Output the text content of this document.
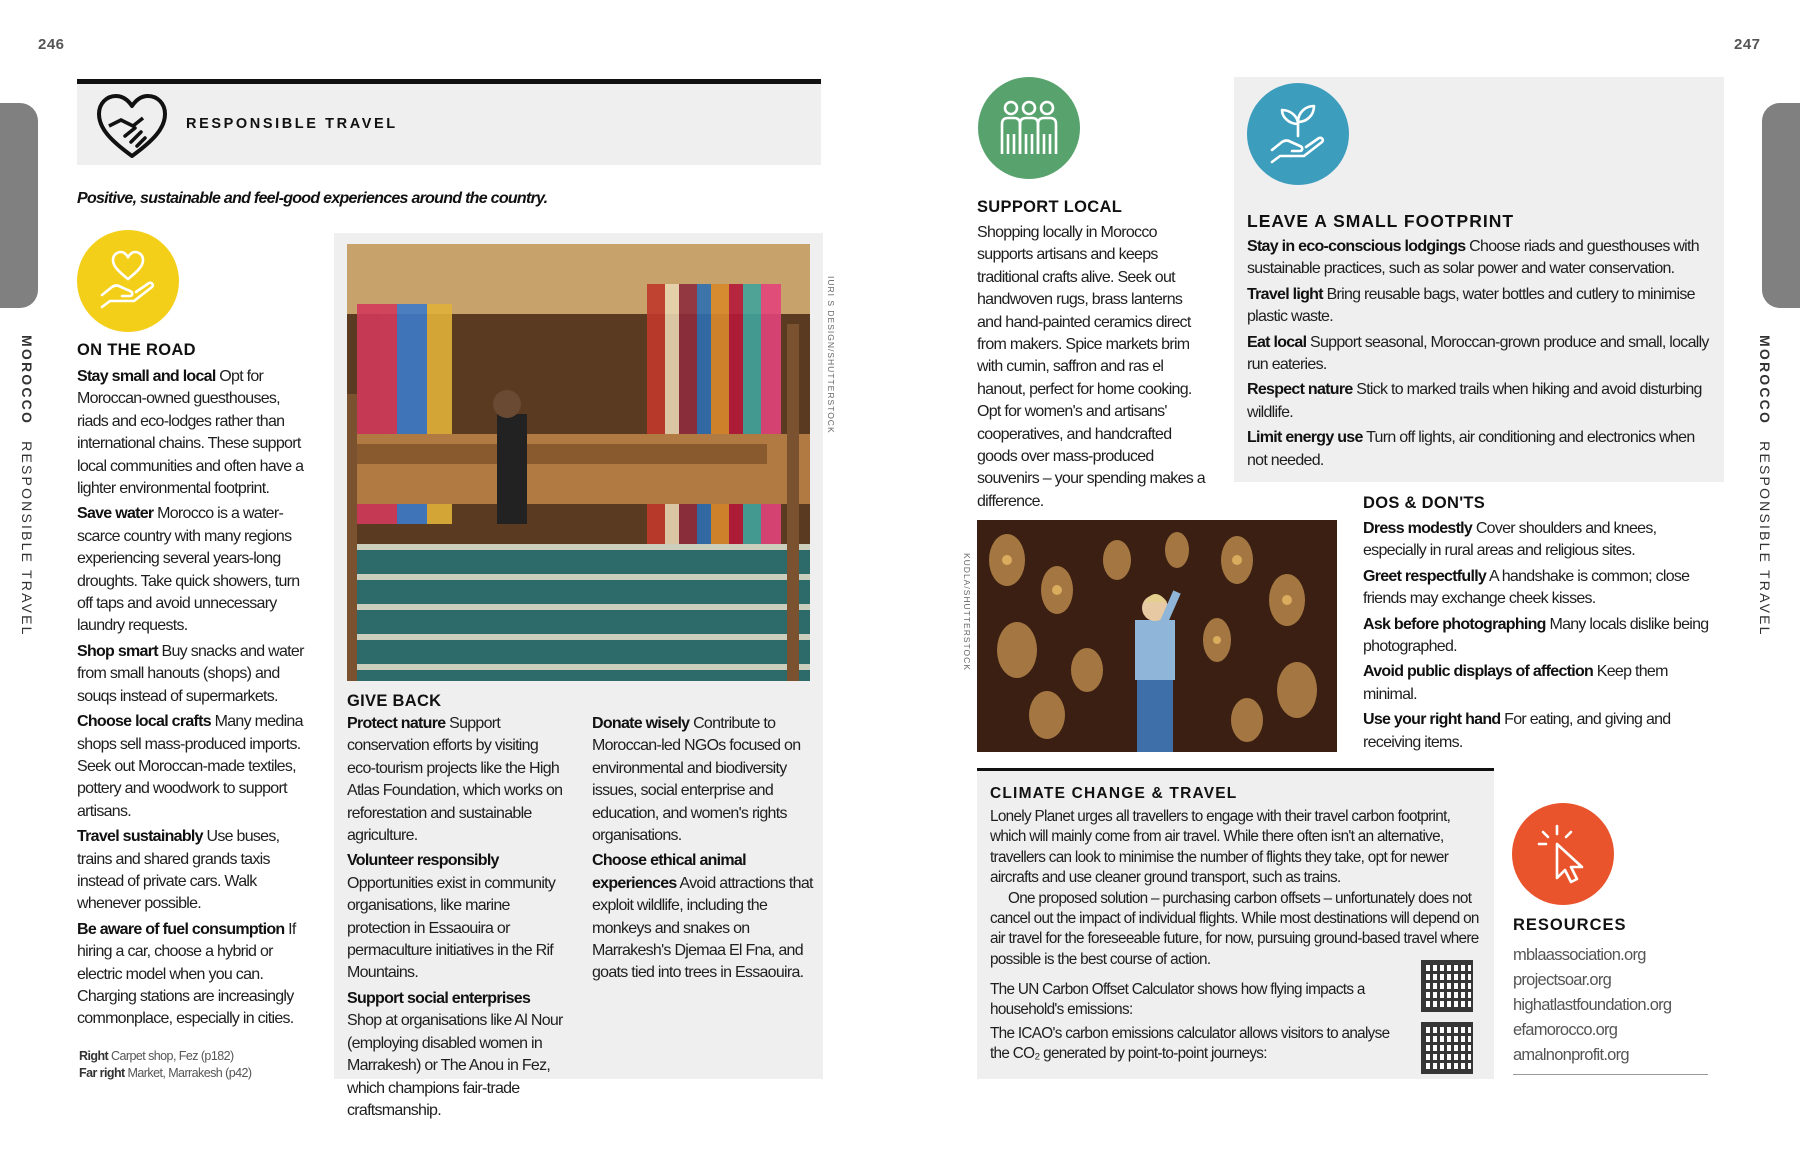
246	247
MOROCCO RESPONSIBLE TRAVEL
MOROCCO RESPONSIBLE TRAVEL
RESPONSIBLE TRAVEL
Positive, sustainable and feel-good experiences around the country.
ON THE ROAD

Stay small and local Opt for Moroccan-owned guesthouses, riads and eco-lodges rather than international chains. These support local communities and often have a lighter environmental footprint.

Save water Morocco is a water-scarce country with many regions experiencing several years-long droughts. Take quick showers, turn off taps and avoid unnecessary laundry requests.

Shop smart Buy snacks and water from small hanouts (shops) and souqs instead of supermarkets.

Choose local crafts Many medina shops sell mass-produced imports. Seek out Moroccan-made textiles, pottery and woodwork to support artisans.

Travel sustainably Use buses, trains and shared grands taxis instead of private cars. Walk whenever possible.

Be aware of fuel consumption If hiring a car, choose a hybrid or electric model when you can. Charging stations are increasingly commonplace, especially in cities.

Right Carpet shop, Fez (p182)
Far right Market, Marrakesh (p42)
IURI S DESIGN/SHUTTERSTOCK
GIVE BACK

Protect nature Support conservation efforts by visiting eco-tourism projects like the High Atlas Foundation, which works on reforestation and sustainable agriculture.

Volunteer responsibly Opportunities exist in community organisations, like marine protection in Essaouira or permaculture initiatives in the Rif Mountains.

Support social enterprises Shop at organisations like Al Nour (employing disabled women in Marrakesh) or The Anou in Fez, which champions fair-trade craftsmanship.

Donate wisely Contribute to Moroccan-led NGOs focused on environmental and biodiversity issues, social enterprise and education, and women's rights organisations.

Choose ethical animal experiences Avoid attractions that exploit wildlife, including the monkeys and snakes on Marrakesh's Djemaa El Fna, and goats tied into trees in Essaouira.

SUPPORT LOCAL
Shopping locally in Morocco supports artisans and keeps traditional crafts alive. Seek out handwoven rugs, brass lanterns and hand-painted ceramics direct from makers. Spice markets brim with cumin, saffron and ras el hanout, perfect for home cooking. Opt for women's and artisans' cooperatives, and handcrafted goods over mass-produced souvenirs – your spending makes a difference.
LEAVE A SMALL FOOTPRINT

Stay in eco-conscious lodgings Choose riads and guesthouses with sustainable practices, such as solar power and water conservation.

Travel light Bring reusable bags, water bottles and cutlery to minimise plastic waste.

Eat local Support seasonal, Moroccan-grown produce and small, locally run eateries.

Respect nature Stick to marked trails when hiking and avoid disturbing wildlife.

Limit energy use Turn off lights, air conditioning and electronics when not needed.

KUDLA/SHUTTERSTOCK
DOS & DON'TS

Dress modestly Cover shoulders and knees, especially in rural areas and religious sites.

Greet respectfully A handshake is common; close friends may exchange cheek kisses.

Ask before photographing Many locals dislike being photographed.

Avoid public displays of affection Keep them minimal.

Use your right hand For eating, and giving and receiving items.

CLIMATE CHANGE & TRAVEL

Lonely Planet urges all travellers to engage with their travel carbon footprint, which will mainly come from air travel. While there often isn't an alternative, travellers can look to minimise the number of flights they take, opt for newer aircrafts and use cleaner ground transport, such as trains.

One proposed solution – purchasing carbon offsets – unfortunately does not cancel out the impact of individual flights. While most destinations will depend on air travel for the foreseeable future, for now, pursuing ground-based travel where possible is the best course of action.

The UN Carbon Offset Calculator shows how flying impacts a household's emissions:
The ICAO's carbon emissions calculator allows visitors to analyse the CO₂ generated by point-to-point journeys:
RESOURCES
mblaassociation.org
projectsoar.org
highatlastfoundation.org
efamorocco.org
amalnonprofit.org
